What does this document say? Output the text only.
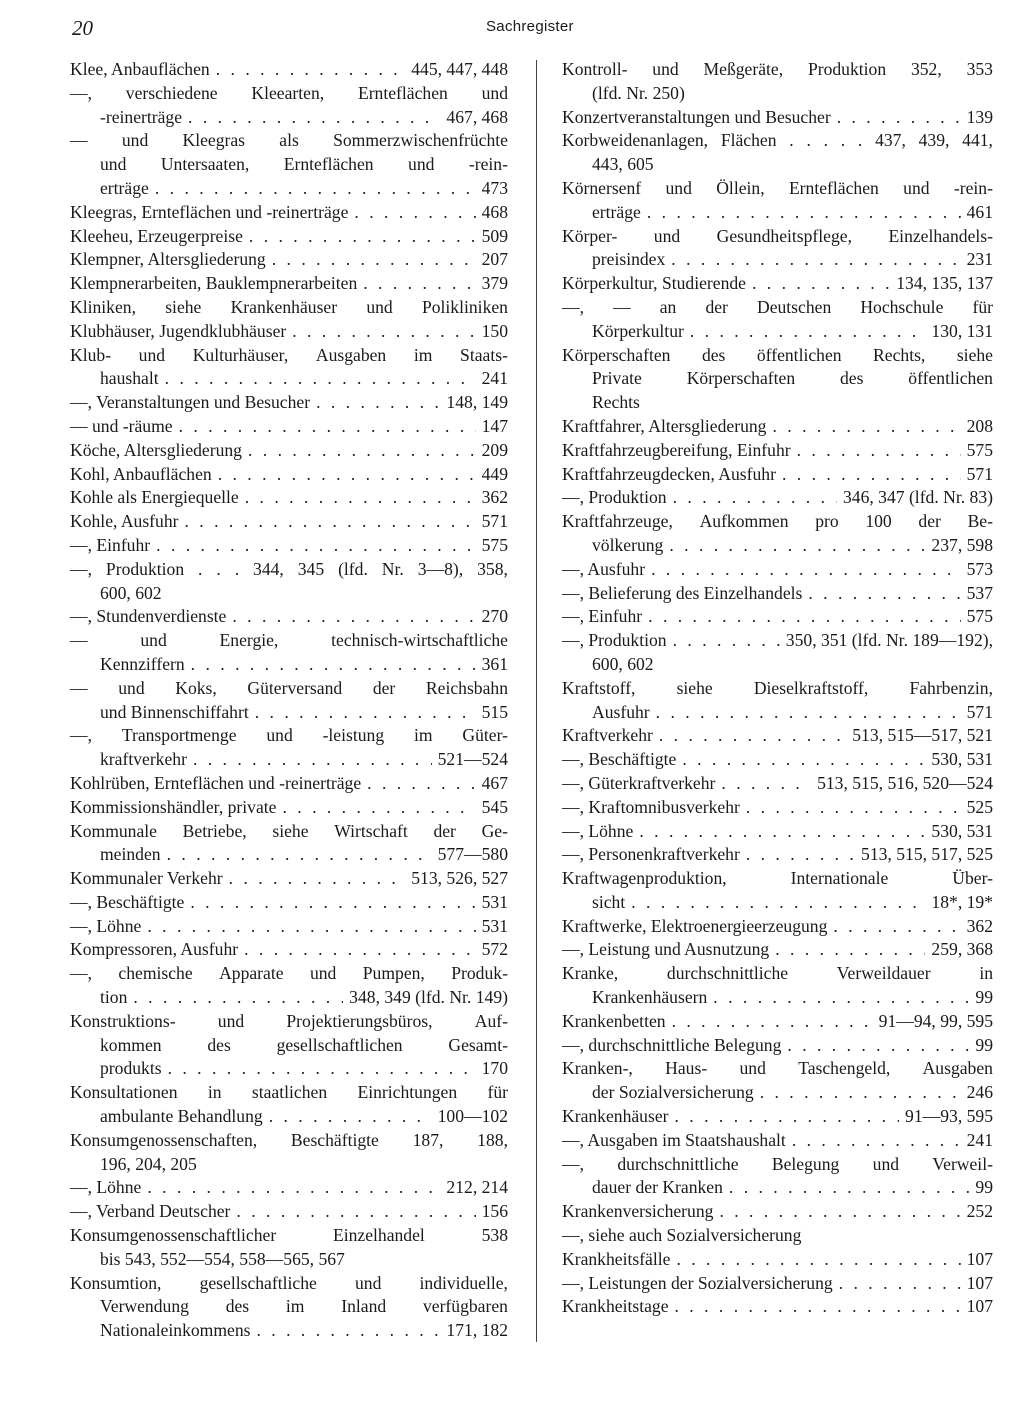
20	Sachregister
Klee, Anbauflächen . . .	445, 447, 448
—, verschiedene Kleearten, Ernteflächen und
-reinerträge . . .	467, 468
— und Kleegras als Sommerzwischenfrüchte
und Untersaaten, Ernteflächen und -rein-
erträge . . .	473
Kleegras, Ernteflächen und -reinerträge . . .	468
Kleeheu, Erzeugerpreise . . .	509
Klempner, Altersgliederung . . .	207
Klempnerarbeiten, Bauklempnerarbeiten . . .	379
Kliniken, siehe Krankenhäuser und Polikliniken
Klubhäuser, Jugendklubhäuser . . .	150
Klub- und Kulturhäuser, Ausgaben im Staats-
haushalt . . .	241
—, Veranstaltungen und Besucher . . .	148, 149
— und -räume . . .	147
Köche, Altersgliederung . . .	209
Kohl, Anbauflächen . . .	449
Kohle als Energiequelle . . .	362
Kohle, Ausfuhr . . .	571
—, Einfuhr . . .	575
—, Produktion . . . 344, 345 (lfd. Nr. 3—8), 358,
600, 602
—, Stundenverdienste . . .	270
—	und	Energie,	technisch-wirtschaftliche
Kennziffern . . .	361
— und Koks, Güterversand der Reichsbahn
und Binnenschiffahrt . . .	515
—, Transportmenge und -leistung im Güter-
kraftverkehr . . .	521—524
Kohlrüben, Ernteflächen und -reinerträge . . .	467
Kommissionshändler, private . . .	545
Kommunale Betriebe, siehe Wirtschaft der Ge-
meinden . . .	577—580
Kommunaler Verkehr . . .	513, 526, 527
—, Beschäftigte . . .	531
—, Löhne . . .	531
Kompressoren, Ausfuhr . . .	572
—, chemische Apparate und Pumpen, Produk-
tion . . .	348, 349 (lfd. Nr. 149)
Konstruktions- und Projektierungsbüros, Auf-
kommen	des	gesellschaftlichen	Gesamt-
produkts . . .	170
Konsultationen in staatlichen Einrichtungen für
ambulante Behandlung . . .	100—102
Konsumgenossenschaften, Beschäftigte 187, 188,
196, 204, 205
—, Löhne . . .	212, 214
—, Verband Deutscher . . .	156
Konsumgenossenschaftlicher	Einzelhandel	538
bis 543, 552—554, 558—565, 567
Konsumtion, gesellschaftliche und individuelle,
Verwendung des im Inland verfügbaren
Nationaleinkommens . . .	171, 182
Kontroll- und Meßgeräte, Produktion 352, 353
(lfd. Nr. 250)
Konzertveranstaltungen und Besucher . . .	139
Korbweidenanlagen, Flächen . . . . . 437, 439, 441,
443, 605
Körnersenf und Öllein, Ernteflächen und -rein-
erträge . . .	461
Körper- und Gesundheitspflege, Einzelhandels-
preisindex . . .	231
Körperkultur, Studierende . . .	134, 135, 137
—, — an der Deutschen Hochschule für
Körperkultur . . .	130, 131
Körperschaften des öffentlichen Rechts, siehe
Private	Körperschaften	des	öffentlichen
Rechts
Kraftfahrer, Altersgliederung . . .	208
Kraftfahrzeugbereifung, Einfuhr . . .	575
Kraftfahrzeugdecken, Ausfuhr . . .	571
—, Produktion . . .	346, 347 (lfd. Nr. 83)
Kraftfahrzeuge, Aufkommen pro 100 der Be-
völkerung . . .	237, 598
—, Ausfuhr . . .	573
—, Belieferung des Einzelhandels . . .	537
—, Einfuhr . . .	575
—, Produktion . . .	350, 351 (lfd. Nr. 189—192),
600, 602
Kraftstoff, siehe Dieselkraftstoff, Fahrbenzin,
Ausfuhr . . .	571
Kraftverkehr . . .	513, 515—517, 521
—, Beschäftigte . . .	530, 531
—, Güterkraftverkehr . . .	513, 515, 516, 520—524
—, Kraftomnibusverkehr . . .	525
—, Löhne . . .	530, 531
—, Personenkraftverkehr . . .	513, 515, 517, 525
Kraftwagenproduktion,	Internationale	Über-
sicht . . .	18*, 19*
Kraftwerke, Elektroenergieerzeugung . . .	362
—, Leistung und Ausnutzung . . .	259, 368
Kranke,	durchschnittliche	Verweildauer	in
Krankenhäusern . . .	99
Krankenbetten . . .	91—94, 99, 595
—, durchschnittliche Belegung . . .	99
Kranken-, Haus- und Taschengeld, Ausgaben
der Sozialversicherung . . .	246
Krankenhäuser . . .	91—93, 595
—, Ausgaben im Staatshaushalt . . .	241
—, durchschnittliche Belegung und Verweil-
dauer der Kranken . . .	99
Krankenversicherung . . .	252
—, siehe auch Sozialversicherung
Krankheitsfälle . . .	107
—, Leistungen der Sozialversicherung . . .	107
Krankheitstage . . .	107
